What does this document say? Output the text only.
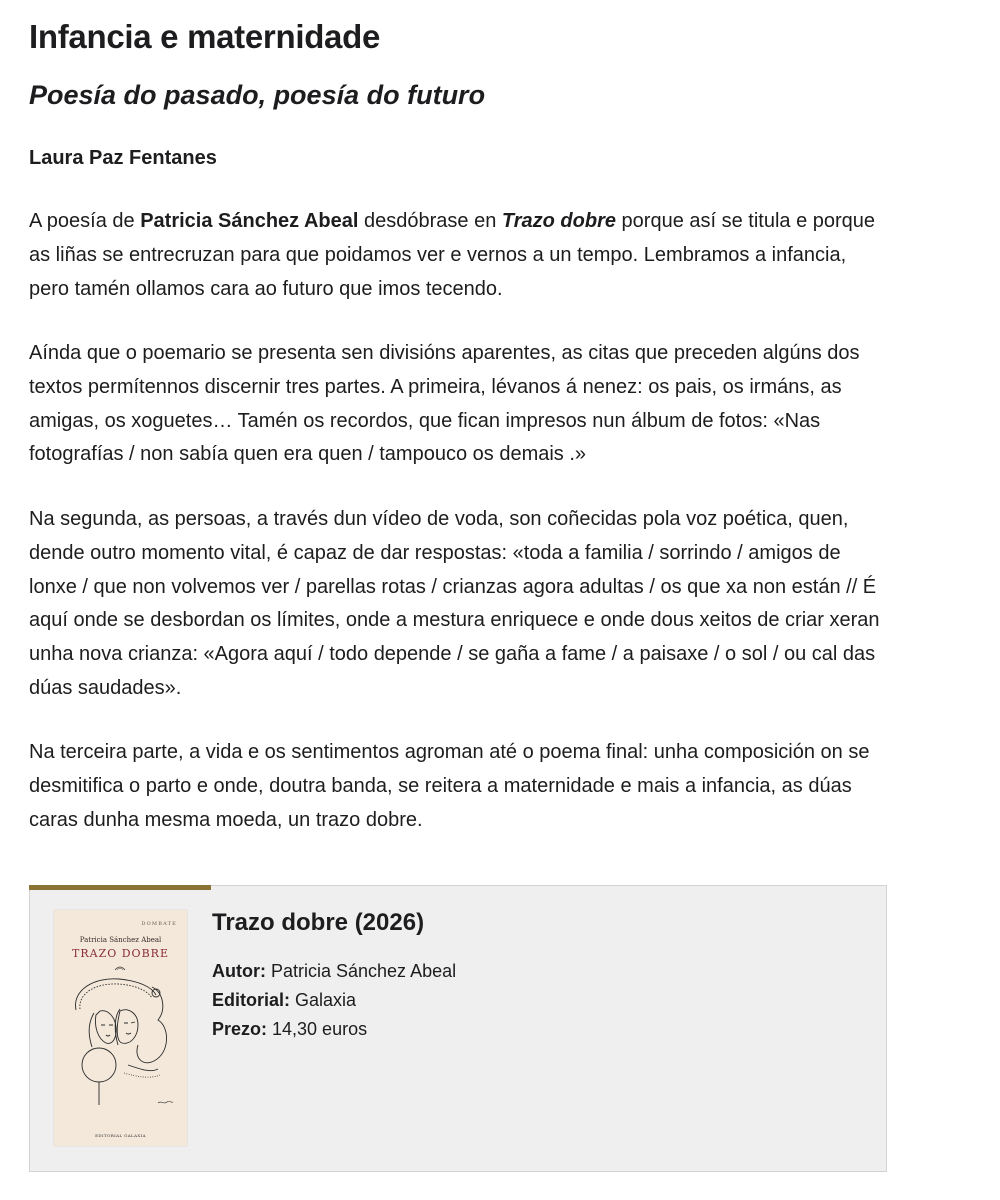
Infancia e maternidade
Poesía do pasado, poesía do futuro
Laura Paz Fentanes

A poesía de Patricia Sánchez Abeal desdóbrase en Trazo dobre porque así se titula e porque as liñas se entrecruzan para que poidamos ver e vernos a un tempo. Lembramos a infancia, pero tamén ollamos cara ao futuro que imos tecendo.

Aínda que o poemario se presenta sen divisións aparentes, as citas que preceden algúns dos textos permítennos discernir tres partes. A primeira, lévanos á nenez: os pais, os irmáns, as amigas, os xoguetes… Tamén os recordos, que fican impresos nun álbum de fotos: «Nas fotografías / non sabía quen era quen / tampouco os demais .»

Na segunda, as persoas, a través dun vídeo de voda, son coñecidas pola voz poética, quen, dende outro momento vital, é capaz de dar respostas: «toda a familia / sorrindo / amigos de lonxe / que non volvemos ver / parellas rotas / crianzas agora adultas / os que xa non están // É aquí onde se desbordan os límites, onde a mestura enriquece e onde dous xeitos de criar xeran unha nova crianza: «Agora aquí / todo depende / se gaña a fame / a paisaxe / o sol / ou cal das dúas saudades».

Na terceira parte, a vida e os sentimentos agroman até o poema final: unha composición on se desmitifica o parto e onde, doutra banda, se reitera a maternidade e mais a infancia, as dúas caras dunha mesma moeda, un trazo dobre.

DOMBATE
Patricia Sánchez Abeal
TRAZO DOBRE
EDITORIAL GALAXIA
Trazo dobre (2026)
Autor: Patricia Sánchez Abeal
Editorial: Galaxia
Prezo: 14,30 euros
